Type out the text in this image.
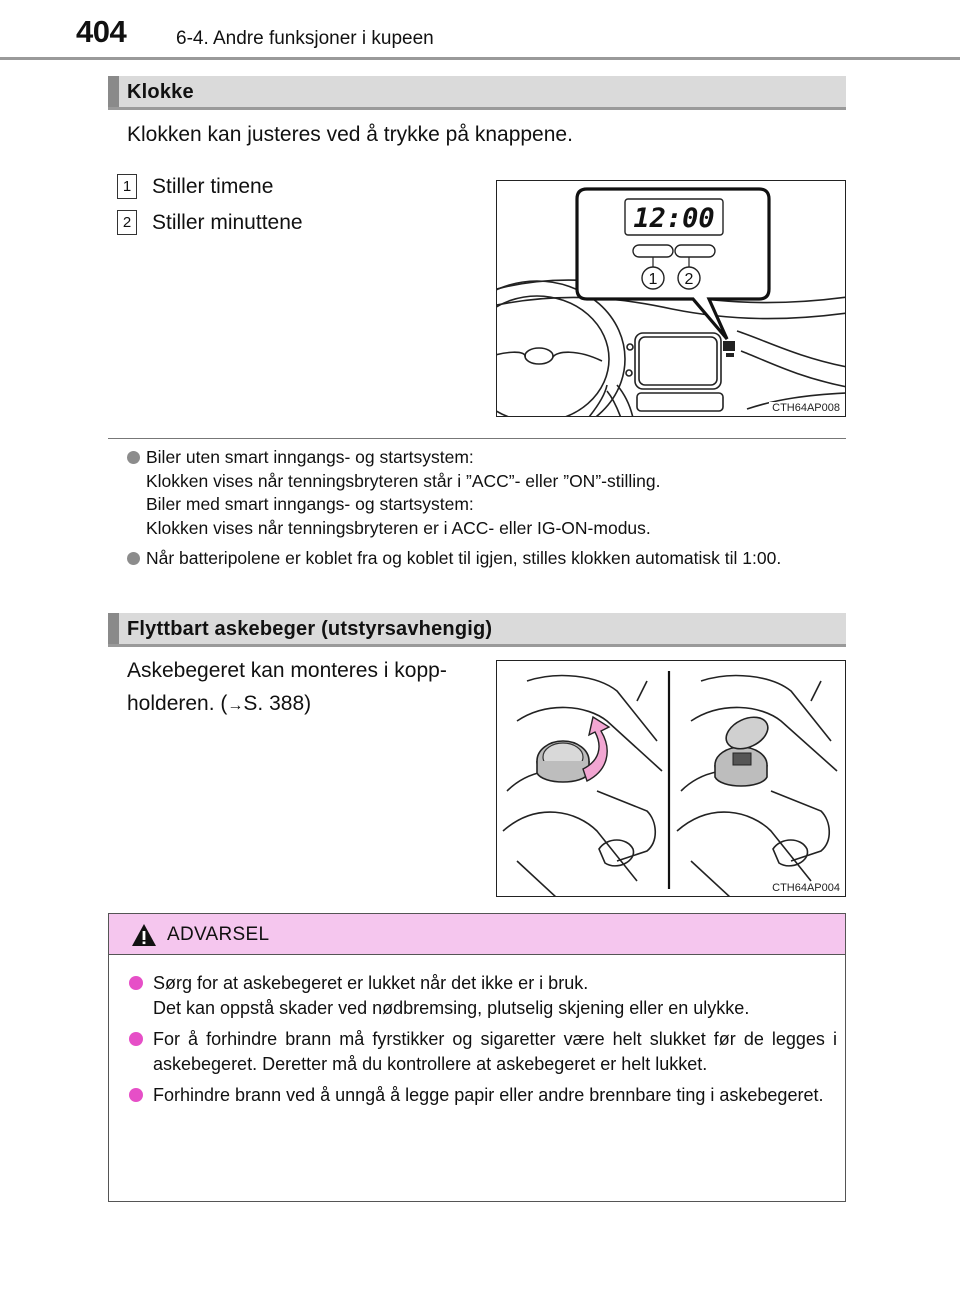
404	6-4. Andre funksjoner i kupeen
Klokke
Klokken kan justeres ved å trykke på knappene.
1 Stiller timene
2 Stiller minuttene	12:00
1 2
CTH64AP008
Biler uten smart inngangs- og startsystem:
Klokken vises når tenningsbryteren står i ”ACC”- eller ”ON”-stilling.
Biler med smart inngangs- og startsystem:
Klokken vises når tenningsbryteren er i ACC- eller IG-ON-modus.
Når batteripolene er koblet fra og koblet til igjen, stilles klokken automatisk til 1:00.
Flyttbart askebeger (utstyrsavhengig)
Askebegeret kan monteres i kopp-
holderen. (→S. 388)
CTH64AP004
ADVARSEL
Sørg for at askebegeret er lukket når det ikke er i bruk.
Det kan oppstå skader ved nødbremsing, plutselig skjening eller en ulykke.
For å forhindre brann må fyrstikker og sigaretter være helt slukket før de legges i askebegeret. Deretter må du kontrollere at askebegeret er helt lukket.
Forhindre brann ved å unngå å legge papir eller andre brennbare ting i askebegeret.
